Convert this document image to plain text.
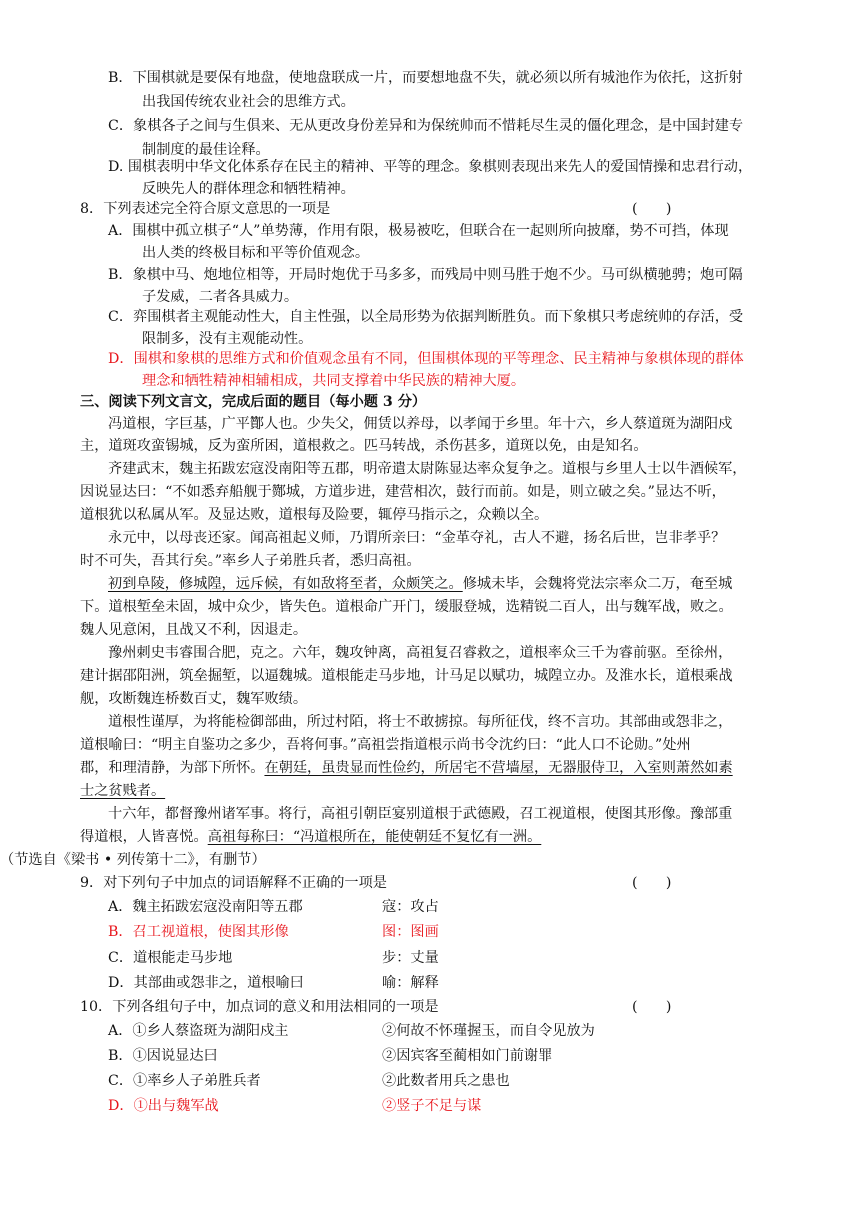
B．下围棋就是要保有地盘，使地盘联成一片，而要想地盘不失，就必须以所有城池作为依托，这折射
出我国传统农业社会的思维方式。
C．象棋各子之间与生俱来、无从更改身份差异和为保统帅而不惜耗尽生灵的僵化理念，是中国封建专
制制度的最佳诠释。
D. 围棋表明中华文化体系存在民主的精神、平等的理念。象棋则表现出来先人的爱国情操和忠君行动，
反映先人的群体理念和牺牲精神。
8．下列表述完全符合原文意思的一项是	(　　)
A．围棋中孤立棋子“人”单势薄，作用有限，极易被吃，但联合在一起则所向披靡，势不可挡，体现
出人类的终极目标和平等价值观念。
B．象棋中马、炮地位相等，开局时炮优于马多多，而残局中则马胜于炮不少。马可纵横驰骋；炮可隔
子发威，二者各具威力。
C．弈围棋者主观能动性大，自主性强，以全局形势为依据判断胜负。而下象棋只考虑统帅的存活，受
限制多，没有主观能动性。
D．围棋和象棋的思维方式和价值观念虽有不同，但围棋体现的平等理念、民主精神与象棋体现的群体
理念和牺牲精神相辅相成，共同支撑着中华民族的精神大厦。
三、阅读下列文言文，完成后面的题目（每小题 3 分）
冯道根，字巨基，广平酇人也。少失父，佣赁以养母，以孝闻于乡里。年十六，乡人蔡道斑为湖阳戍
主，道斑攻蛮锡城，反为蛮所困，道根救之。匹马转战，杀伤甚多，道斑以免，由是知名。
齐建武末，魏主拓跋宏寇没南阳等五郡，明帝遣太尉陈显达率众复争之。道根与乡里人士以牛酒候军，
因说显达曰：“不如悉弃船舰于酂城，方道步进，建营相次，鼓行而前。如是，则立破之矣。”显达不听，
道根犹以私属从军。及显达败，道根每及险要，辄停马指示之，众赖以全。
永元中，以母丧还家。闻高祖起义师，乃谓所亲曰：“金革夺礼，古人不避，扬名后世，岂非孝乎？
时不可失，吾其行矣。”率乡人子弟胜兵者，悉归高祖。
初到阜陵，修城隍，远斥候，有如敌将至者，众颇笑之。修城未毕，会魏将党法宗率众二万，奄至城
下。道根堑垒未固，城中众少，皆失色。道根命广开门，缓服登城，选精锐二百人，出与魏军战，败之。
魏人见意闲，且战又不利，因退走。
豫州刺史韦睿围合肥，克之。六年，魏攻钟离，高祖复召睿救之，道根率众三千为睿前驱。至徐州，
建计据邵阳洲，筑垒掘堑，以逼魏城。道根能走马步地，计马足以赋功，城隍立办。及淮水长，道根乘战
舰，攻断魏连桥数百丈，魏军败绩。
道根性谨厚，为将能检御部曲，所过村陌，将士不敢掳掠。每所征伐，终不言功。其部曲或怨非之，
道根喻曰：“明主自鉴功之多少，吾将何事。”高祖尝指道根示尚书令沈约曰：“此人口不论勋。”处州
郡，和理清静，为部下所怀。在朝廷，虽贵显而性俭约，所居宅不营墙屋，无器服侍卫，入室则萧然如素
士之贫贱者。
十六年，都督豫州诸军事。将行，高祖引朝臣宴别道根于武德殿，召工视道根，使图其形像。豫部重
得道根，人皆喜悦。高祖每称曰：“冯道根所在，能使朝廷不复忆有一洲。
（节选自《梁书 • 列传第十二》，有删节）
9．对下列句子中加点的词语解释不正确的一项是	(　　)
A．魏主拓跋宏寇没南阳等五郡	寇：攻占
B．召工视道根，使图其形像	图：图画
C．道根能走马步地	步：丈量
D．其部曲或怨非之，道根喻曰	喻：解释
10．下列各组句子中，加点词的意义和用法相同的一项是	(　　)
A．①乡人蔡盗斑为湖阳戍主	②何故不怀瑾握玉，而自令见放为
B．①因说显达曰	②因宾客至蔺相如门前谢罪
C．①率乡人子弟胜兵者	②此数者用兵之患也
D．①出与魏军战	②竖子不足与谋
